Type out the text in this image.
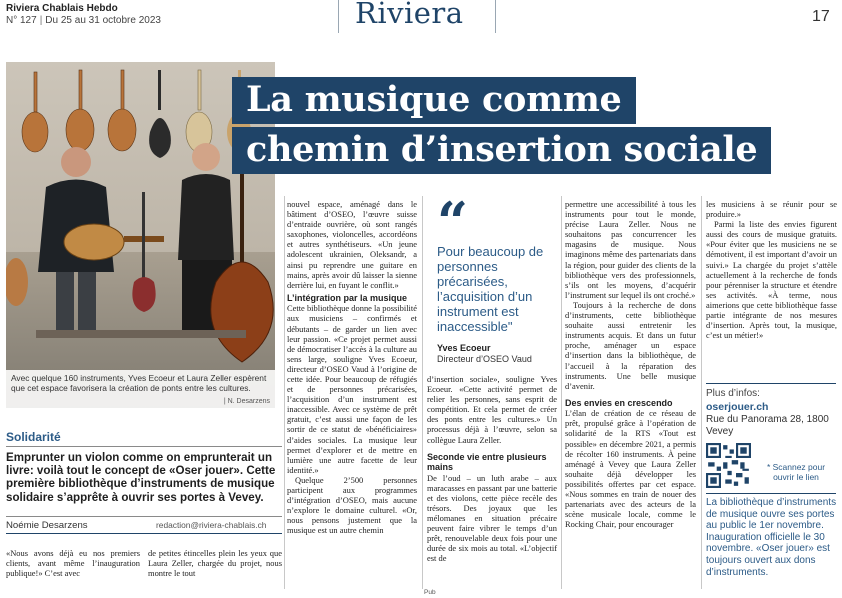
Riviera Chablais Hebdo
N° 127 | Du 25 au 31 octobre 2023	Riviera	17
Avec quelque 160 instruments, Yves Ecoeur et Laura Zeller espèrent que cet espace favorisera la création de ponts entre les cultures.
| N. Desarzens
La musique comme
chemin d’insertion sociale
Solidarité
Emprunter un violon comme on emprunterait un livre: voilà tout le concept de «Oser jouer». Cette première bibliothèque d’instruments de musique solidaire s’apprête à ouvrir ses portes à Vevey.
Noémie Desarzens	redaction@riviera-chablais.ch

«Nous avons déjà eu nos premiers clients, avant même l’inauguration publique!» C’est avec

de petites étincelles plein les yeux que Laura Zeller, chargée du projet, nous montre le tout

nouvel espace, aménagé dans le bâtiment d’OSEO, l’œuvre suisse d’entraide ouvrière, où sont rangés saxophones, violoncelles, accordéons et autres synthétiseurs. «Un jeune adolescent ukrainien, Oleksandr, a ainsi pu reprendre une guitare en mains, après avoir dû laisser la sienne derrière lui, en fuyant le conflit.»

L’intégration par la musique

Cette bibliothèque donne la possibilité aux musiciens – confirmés et débutants – de garder un lien avec leur passion. «Ce projet permet aussi de démocratiser l’accès à la culture au sens large, souligne Yves Ecoeur, directeur d’OSEO Vaud à l’origine de cette idée. Pour beaucoup de réfugiés et de personnes précarisées, l’acquisition d’un instrument est inaccessible. Avec ce système de prêt gratuit, c’est aussi une façon de les sortir de ce statut de «bénéficiaires» d’aides sociales. La musique leur permet d’explorer et de mettre en lumière une autre facette de leur identité.»

Quelque 2’500 personnes participent aux programmes d’intégration d’OSEO, mais aucune n’explore le domaine culturel. «Or, nous pensons justement que la musique est un autre chemin

“
Pour beaucoup de personnes précarisées, l’acquisition d’un instrument est inaccessible"
Yves Ecoeur
Directeur d’OSEO Vaud

d’insertion sociale», souligne Yves Ecoeur. «Cette activité permet de relier les personnes, sans esprit de compétition. Et cela permet de créer des ponts entre les cultures.» Un processus déjà à l’œuvre, selon sa collègue Laura Zeller.

Seconde vie entre plusieurs mains

De l’oud – un luth arabe – aux maracasses en passant par une batterie et des violons, cette pièce recèle des trésors. Des joyaux que les mélomanes en situation précaire peuvent faire vibrer le temps d’un prêt, renouvelable deux fois pour une durée de six mois au total. «L’objectif est de

permettre une accessibilité à tous les instruments pour tout le monde, précise Laura Zeller. Nous ne souhaitons pas concurrencer les magasins de musique. Nous imaginons même des partenariats dans la région, pour guider des clients de la bibliothèque vers des professionnels, s’ils ont les moyens, d’acquérir l’instrument sur lequel ils ont croché.»

Toujours à la recherche de dons d’instruments, cette bibliothèque souhaite aussi entretenir les instruments acquis. Et dans un futur proche, aménager un espace d’insertion dans la bibliothèque, de l’accueil à la réparation des instruments. Une belle musique d’avenir.

Des envies en crescendo

L’élan de création de ce réseau de prêt, propulsé grâce à l’opération de solidarité de la RTS «Tout est possible» en décembre 2021, a permis de récolter 160 instruments. À peine aménagé à Vevey que Laura Zeller souhaite déjà développer les possibilités offertes par cet espace. «Nous sommes en train de nouer des partenariats avec des acteurs de la scène musicale locale, comme le Rocking Chair, pour encourager

les musiciens à se réunir pour se produire.»

Parmi la liste des envies figurent aussi des cours de musique gratuits. «Pour éviter que les musiciens ne se démotivent, il est important d’avoir un suivi.» La chargée du projet s’attèle actuellement à la recherche de fonds pour pérenniser la structure et étendre ses activités. «À terme, nous aimerions que cette bibliothèque fasse partie intégrante de nos mesures d’insertion. Après tout, la musique, c’est un métier!»

Plus d’infos:
oserjouer.ch
Rue du Panorama 28, 1800 Vevey
* Scannez pour ouvrir le lien
La bibliothèque d’instruments de musique ouvre ses portes au public le 1er novembre. Inauguration officielle le 30 novembre. «Oser jouer» est toujours ouvert aux dons d’instruments.
Pub
